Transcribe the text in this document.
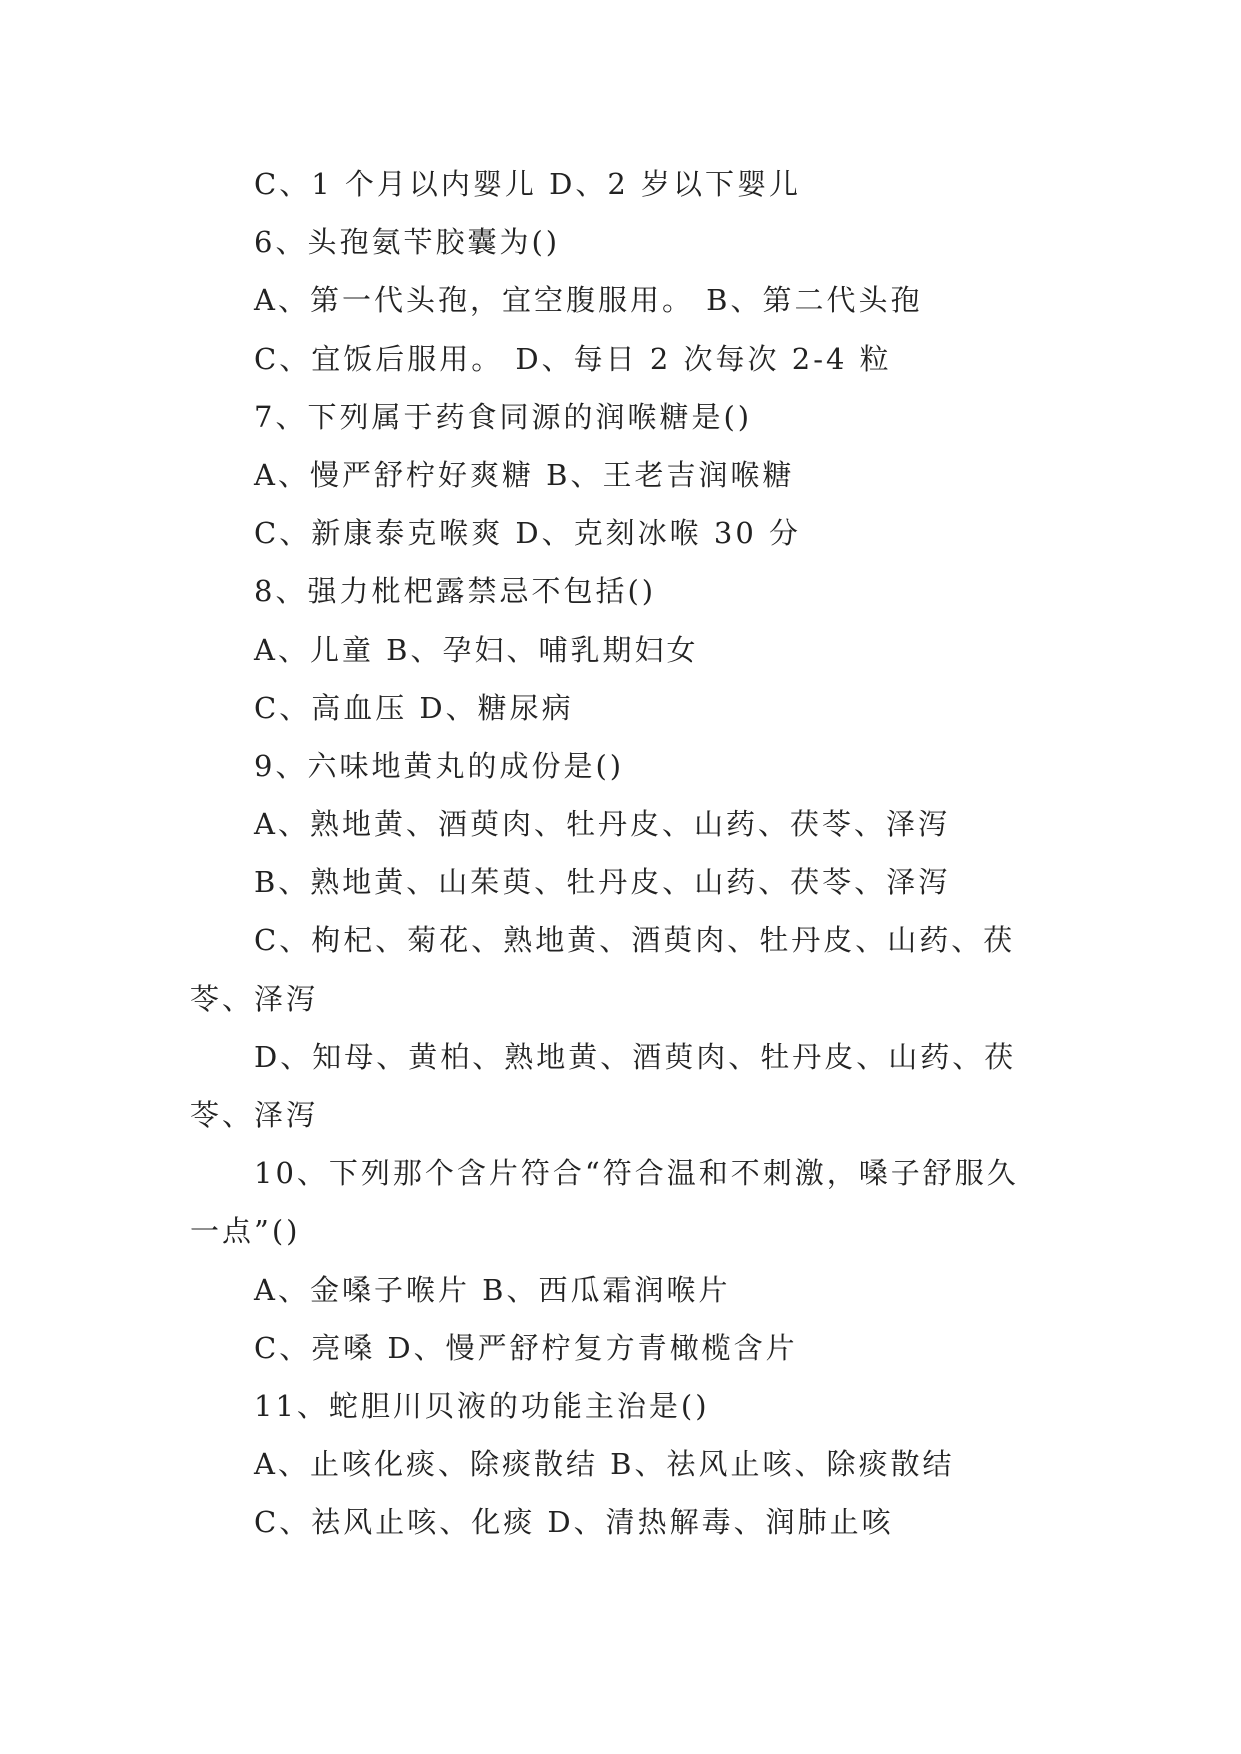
C、1 个月以内婴儿 D、2 岁以下婴儿
6、头孢氨苄胶囊为()
A、第一代头孢，宜空腹服用。 B、第二代头孢
C、宜饭后服用。 D、每日 2 次每次 2-4 粒
7、下列属于药食同源的润喉糖是()
A、慢严舒柠好爽糖 B、王老吉润喉糖
C、新康泰克喉爽 D、克刻冰喉 30 分
8、强力枇杷露禁忌不包括()
A、儿童 B、孕妇、哺乳期妇女
C、高血压 D、糖尿病
9、六味地黄丸的成份是()
A、熟地黄、酒萸肉、牡丹皮、山药、茯苓、泽泻
B、熟地黄、山茱萸、牡丹皮、山药、茯苓、泽泻
C、枸杞、菊花、熟地黄、酒萸肉、牡丹皮、山药、茯
苓、泽泻
D、知母、黄柏、熟地黄、酒萸肉、牡丹皮、山药、茯
苓、泽泻
10、下列那个含片符合“符合温和不刺激，嗓子舒服久
一点”()
A、金嗓子喉片 B、西瓜霜润喉片
C、亮嗓 D、慢严舒柠复方青橄榄含片
11、蛇胆川贝液的功能主治是()
A、止咳化痰、除痰散结 B、祛风止咳、除痰散结
C、祛风止咳、化痰 D、清热解毒、润肺止咳
